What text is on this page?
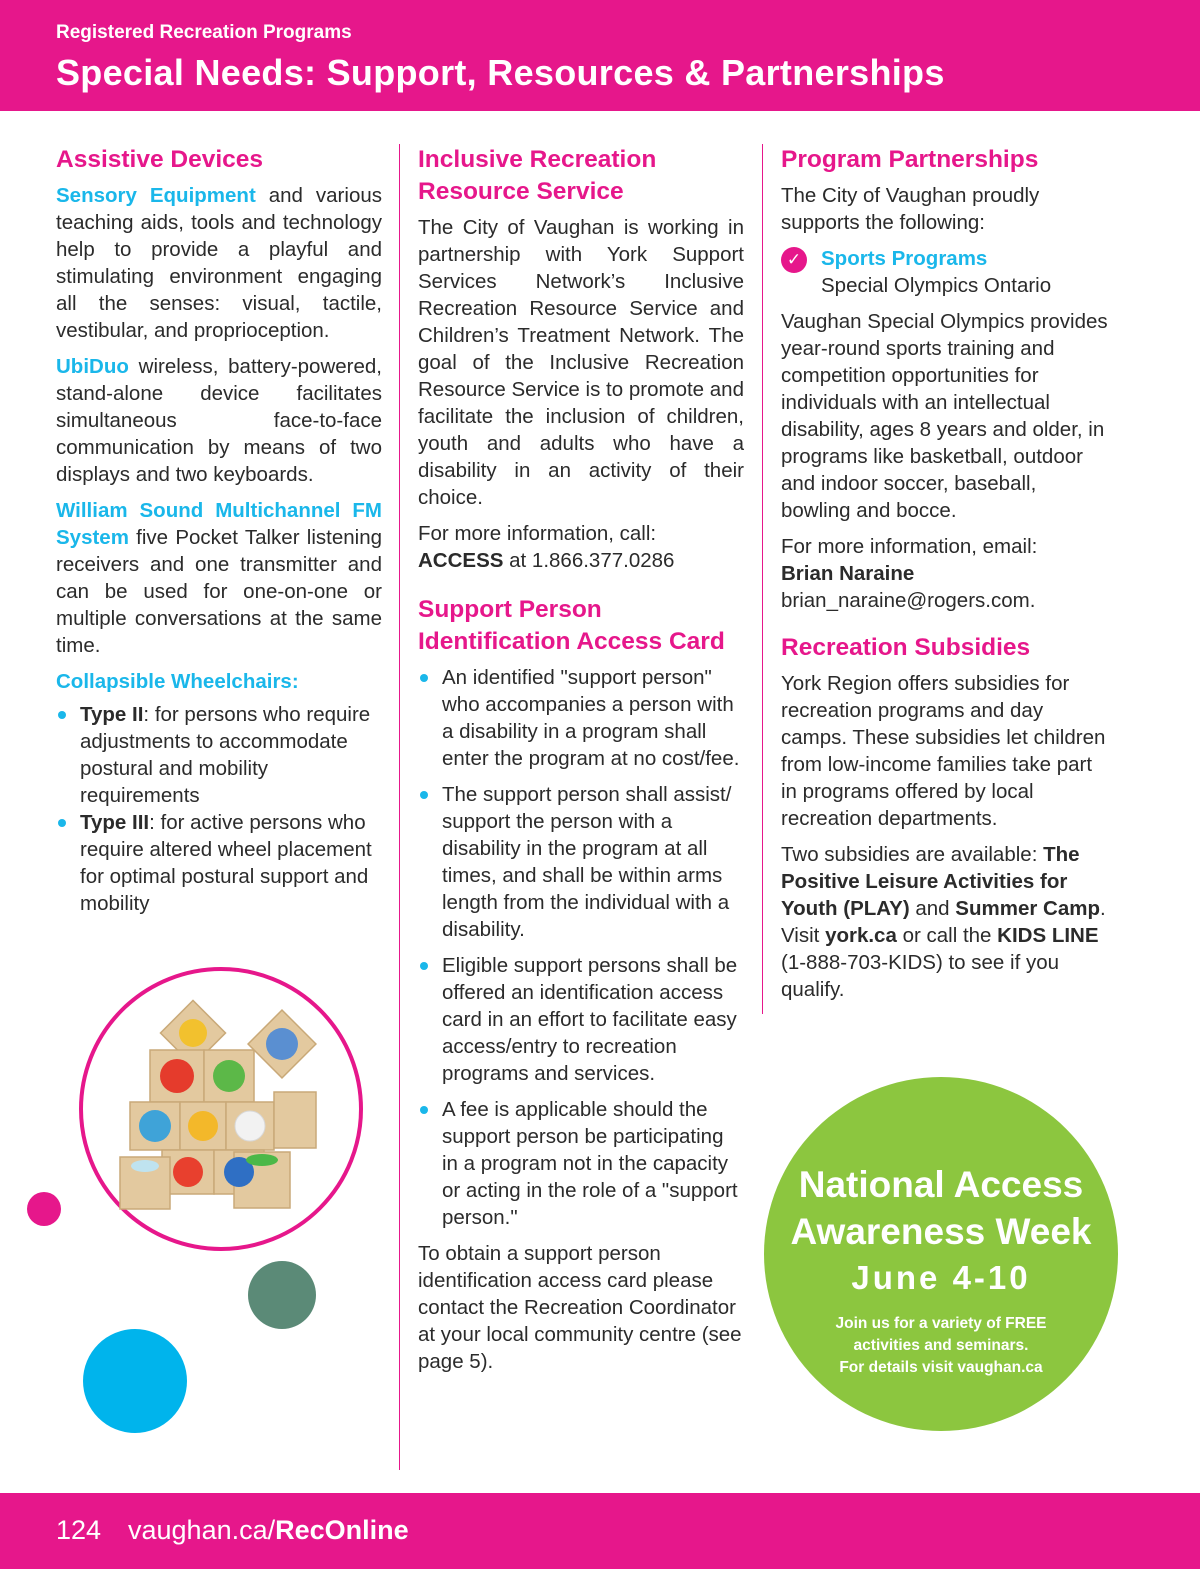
Registered Recreation Programs
Special Needs: Support, Resources & Partnerships
Assistive Devices

Sensory Equipment and various teaching aids, tools and technology help to provide a playful and stimulating environment engaging all the senses: visual, tactile, vestibular, and proprioception.

UbiDuo wireless, battery-powered, stand-alone device facilitates simultaneous face-to-face communication by means of two displays and two keyboards.

William Sound Multichannel FM System five Pocket Talker listening receivers and one transmitter and can be used for one-on-one or multiple conversations at the same time.

Collapsible Wheelchairs:
Type II: for persons who require adjustments to accommodate postural and mobility requirements
Type III: for active persons who require altered wheel placement for optimal postural support and mobility
Inclusive Recreation Resource Service

The City of Vaughan is working in partnership with York Support Services Network’s Inclusive Recreation Resource Service and Children’s Treatment Network. The goal of the Inclusive Recreation Resource Service is to promote and facilitate the inclusion of children, youth and adults who have a disability in an activity of their choice.

For more information, call:
ACCESS at 1.866.377.0286

Support Person Identification Access Card
An identified "support person" who accompanies a person with a disability in a program shall enter the program at no cost/fee.
The support person shall assist/ support the person with a disability in the program at all times, and shall be within arms length from the individual with a disability.
Eligible support persons shall be offered an identification access card in an effort to facilitate easy access/entry to recreation programs and services.
A fee is applicable should the support person be participating in a program not in the capacity or acting in the role of a "support person."

To obtain a support person identification access card please contact the Recreation Coordinator at your local community centre (see page 5).

Program Partnerships

The City of Vaughan proudly supports the following:

✓ Sports Programs
Special Olympics Ontario

Vaughan Special Olympics provides year-round sports training and competition opportunities for individuals with an intellectual disability, ages 8 years and older, in programs like basketball, outdoor and indoor soccer, baseball, bowling and bocce.

For more information, email:
Brian Naraine
brian_naraine@rogers.com.

Recreation Subsidies

York Region offers subsidies for recreation programs and day camps. These subsidies let children from low-income families take part in programs offered by local recreation departments.

Two subsidies are available: The Positive Leisure Activities for Youth (PLAY) and Summer Camp. Visit york.ca or call the KIDS LINE (1-888-703-KIDS) to see if you qualify.

National Access
Awareness Week
June 4-10
Join us for a variety of FREE
activities and seminars.
For details visit vaughan.ca
124 vaughan.ca/RecOnline
